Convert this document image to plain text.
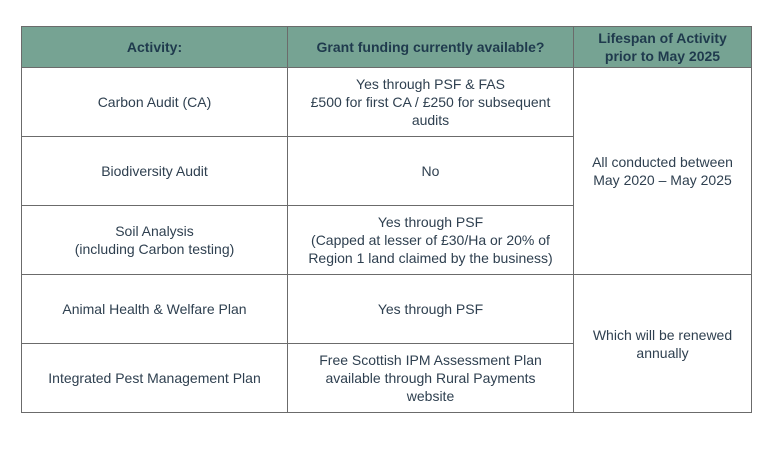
Activity:	Grant funding currently available?	Lifespan of Activity
prior to May 2025

Carbon Audit (CA)	Yes through PSF & FAS
£500 for first CA / £250 for subsequent
audits	All conducted between
May 2020 – May 2025

Biodiversity Audit	No	

Soil Analysis
(including Carbon testing)	Yes through PSF
(Capped at lesser of £30/Ha or 20% of
Region 1 land claimed by the business)	

Animal Health & Welfare Plan	Yes through PSF	Which will be renewed
annually

Integrated Pest Management Plan	Free Scottish IPM Assessment Plan
available through Rural Payments
website	
